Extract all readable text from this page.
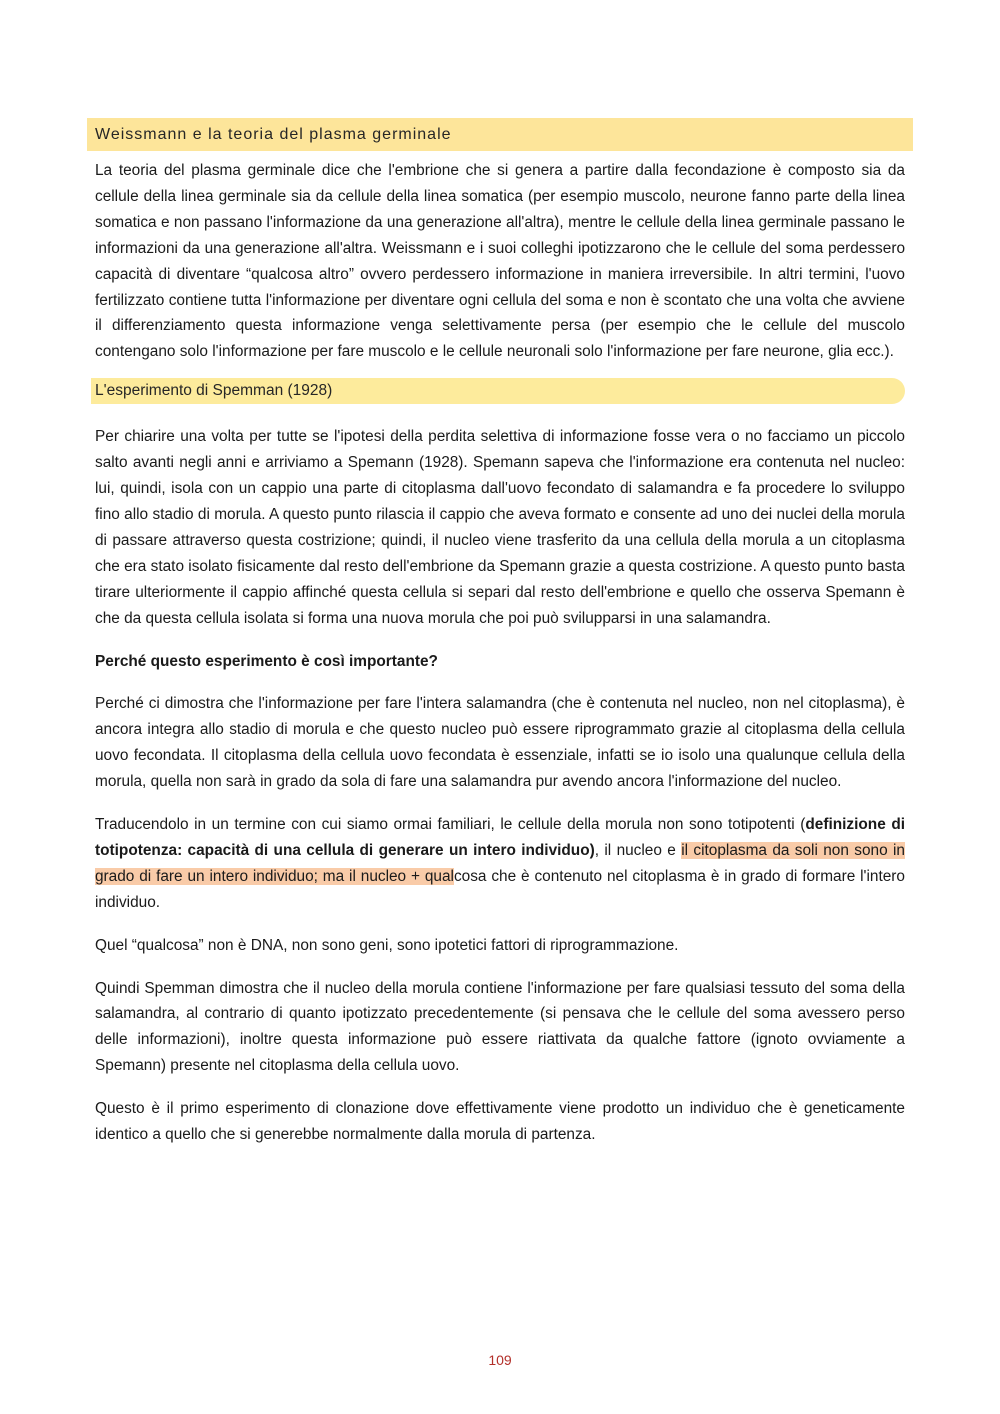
Weissmann e la teoria del plasma germinale

La teoria del plasma germinale dice che l'embrione che si genera a partire dalla fecondazione è composto sia da cellule della linea germinale sia da cellule della linea somatica (per esempio muscolo, neurone fanno parte della linea somatica e non passano l'informazione da una generazione all'altra), mentre le cellule della linea germinale passano le informazioni da una generazione all'altra. Weissmann e i suoi colleghi ipotizzarono che le cellule del soma perdessero capacità di diventare “qualcosa altro” ovvero perdessero informazione in maniera irreversibile. In altri termini, l'uovo fertilizzato contiene tutta l'informazione per diventare ogni cellula del soma e non è scontato che una volta che avviene il differenziamento questa informazione venga selettivamente persa (per esempio che le cellule del muscolo contengano solo l'informazione per fare muscolo e le cellule neuronali solo l'informazione per fare neurone, glia ecc.).

L'esperimento di Spemman (1928)

Per chiarire una volta per tutte se l'ipotesi della perdita selettiva di informazione fosse vera o no facciamo un piccolo salto avanti negli anni e arriviamo a Spemann (1928). Spemann sapeva che l'informazione era contenuta nel nucleo: lui, quindi, isola con un cappio una parte di citoplasma dall'uovo fecondato di salamandra e fa procedere lo sviluppo fino allo stadio di morula. A questo punto rilascia il cappio che aveva formato e consente ad uno dei nuclei della morula di passare attraverso questa costrizione; quindi, il nucleo viene trasferito da una cellula della morula a un citoplasma che era stato isolato fisicamente dal resto dell'embrione da Spemann grazie a questa costrizione. A questo punto basta tirare ulteriormente il cappio affinché questa cellula si separi dal resto dell'embrione e quello che osserva Spemann è che da questa cellula isolata si forma una nuova morula che poi può svilupparsi in una salamandra.

Perché questo esperimento è così importante?

Perché ci dimostra che l'informazione per fare l'intera salamandra (che è contenuta nel nucleo, non nel citoplasma), è ancora integra allo stadio di morula e che questo nucleo può essere riprogrammato grazie al citoplasma della cellula uovo fecondata. Il citoplasma della cellula uovo fecondata è essenziale, infatti se io isolo una qualunque cellula della morula, quella non sarà in grado da sola di fare una salamandra pur avendo ancora l'informazione del nucleo.

Traducendolo in un termine con cui siamo ormai familiari, le cellule della morula non sono totipotenti (definizione di totipotenza: capacità di una cellula di generare un intero individuo), il nucleo e il citoplasma da soli non sono in grado di fare un intero individuo; ma il nucleo + qualcosa che è contenuto nel citoplasma è in grado di formare l'intero individuo.

Quel “qualcosa” non è DNA, non sono geni, sono ipotetici fattori di riprogrammazione.

Quindi Spemman dimostra che il nucleo della morula contiene l'informazione per fare qualsiasi tessuto del soma della salamandra, al contrario di quanto ipotizzato precedentemente (si pensava che le cellule del soma avessero perso delle informazioni), inoltre questa informazione può essere riattivata da qualche fattore (ignoto ovviamente a Spemann) presente nel citoplasma della cellula uovo.

Questo è il primo esperimento di clonazione dove effettivamente viene prodotto un individuo che è geneticamente identico a quello che si generebbe normalmente dalla morula di partenza.

109
